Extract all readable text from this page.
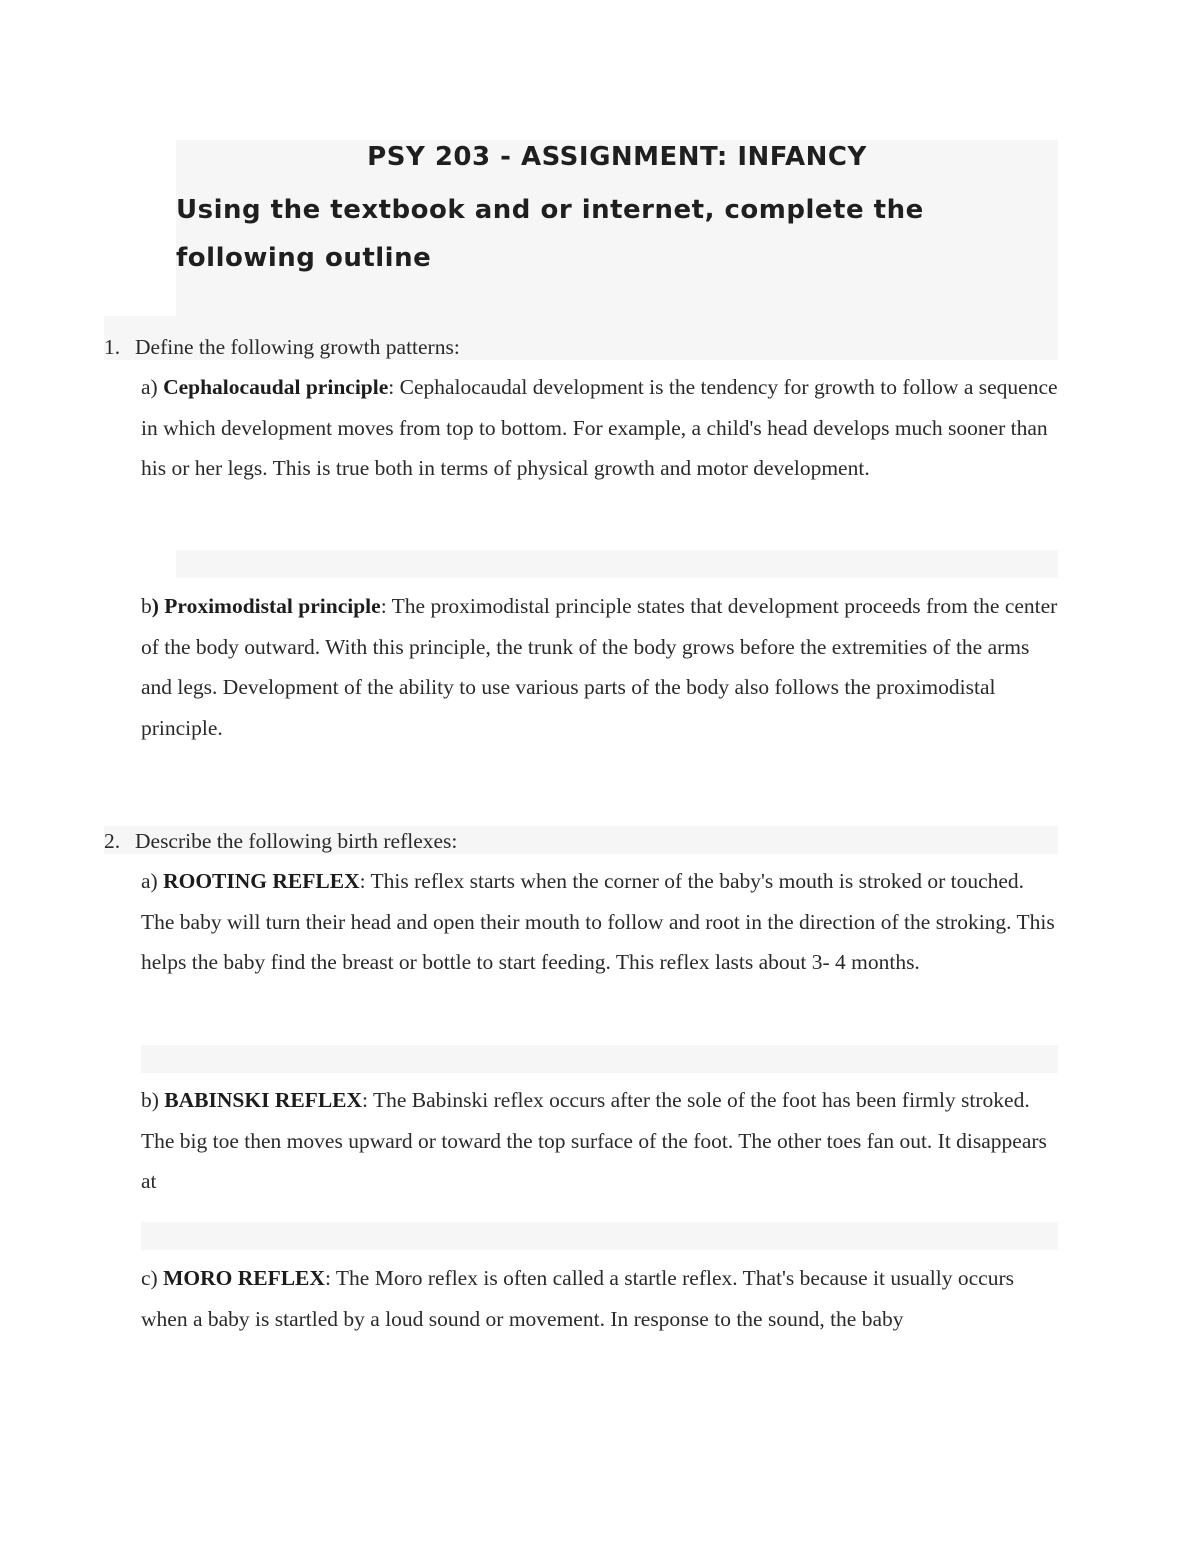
PSY 203 - ASSIGNMENT: INFANCY

Using the textbook and or internet, complete the following outline

1. Define the following growth patterns:

a) Cephalocaudal principle: Cephalocaudal development is the tendency for growth to follow a sequence in which development moves from top to bottom. For example, a child's head develops much sooner than his or her legs. This is true both in terms of physical growth and motor development.

b) Proximodistal principle: The proximodistal principle states that development proceeds from the center of the body outward. With this principle, the trunk of the body grows before the extremities of the arms and legs. Development of the ability to use various parts of the body also follows the proximodistal principle.

2. Describe the following birth reflexes:

a) ROOTING REFLEX: This reflex starts when the corner of the baby's mouth is stroked or touched. The baby will turn their head and open their mouth to follow and root in the direction of the stroking. This helps the baby find the breast or bottle to start feeding. This reflex lasts about 3- 4 months.

b) BABINSKI REFLEX: The Babinski reflex occurs after the sole of the foot has been firmly stroked. The big toe then moves upward or toward the top surface of the foot. The other toes fan out. It disappears at

c) MORO REFLEX: The Moro reflex is often called a startle reflex. That's because it usually occurs when a baby is startled by a loud sound or movement. In response to the sound, the baby
